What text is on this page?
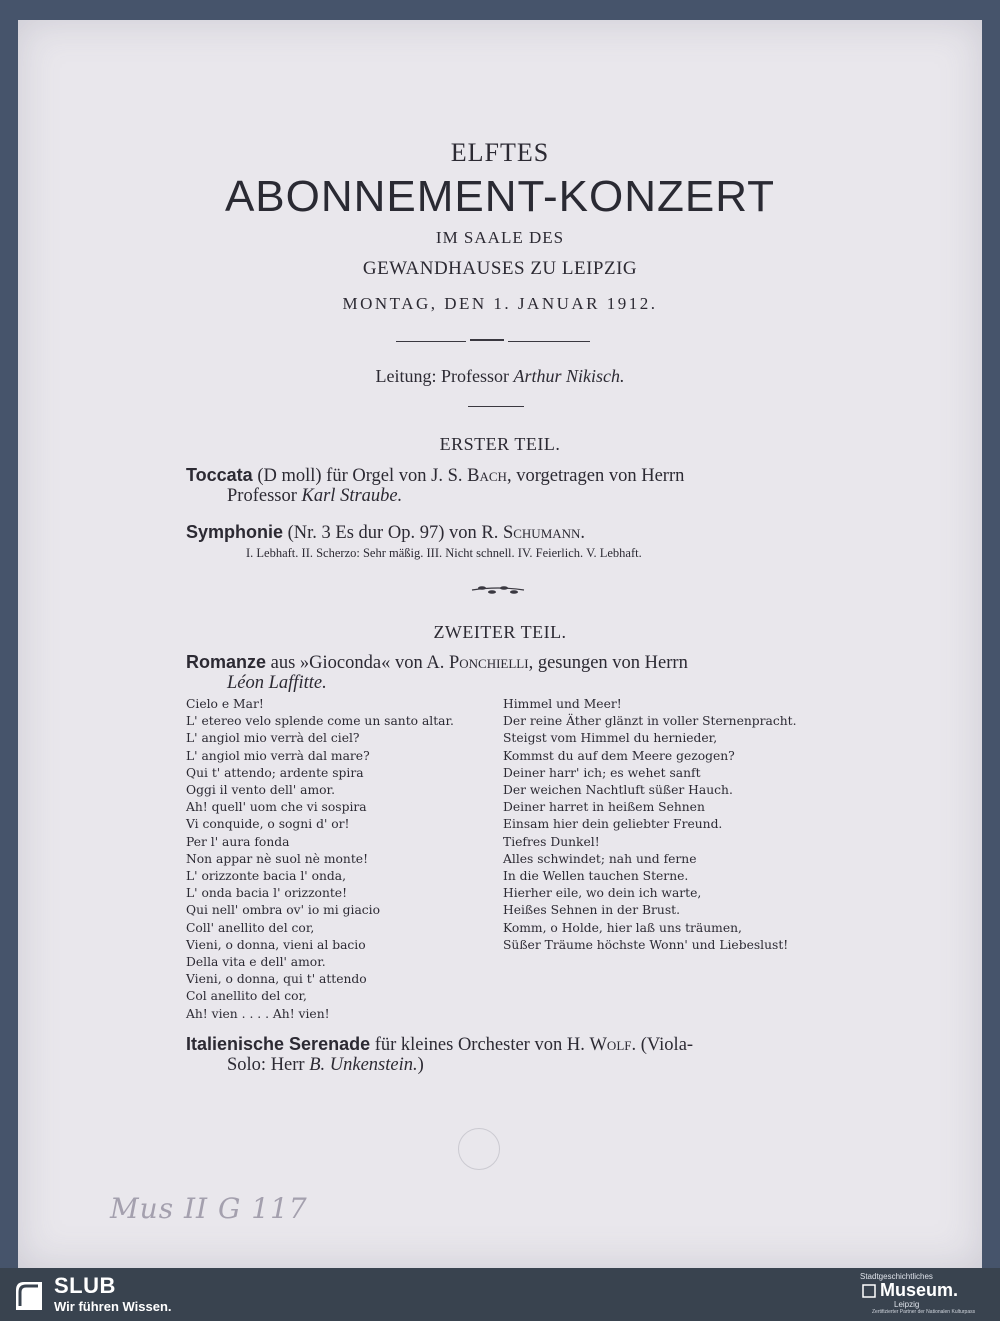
ELFTES
ABONNEMENT-KONZERT
IM SAALE DES
GEWANDHAUSES ZU LEIPZIG
MONTAG, DEN 1. JANUAR 1912.
Leitung: Professor Arthur Nikisch.
ERSTER TEIL.
Toccata (D moll) für Orgel von J. S. Bach, vorgetragen von Herrn
Professor Karl Straube.
Symphonie (Nr. 3 Es dur Op. 97) von R. Schumann.
I. Lebhaft. II. Scherzo: Sehr mäßig. III. Nicht schnell. IV. Feierlich. V. Lebhaft.
ZWEITER TEIL.
Romanze aus »Gioconda« von A. Ponchielli, gesungen von Herrn
Léon Laffitte.
Cielo e Mar!
L' etereo velo splende come un santo altar.
L' angiol mio verrà del ciel?
L' angiol mio verrà dal mare?
Qui t' attendo; ardente spira
Oggi il vento dell' amor.
Ah! quell' uom che vi sospira
Vi conquide, o sogni d' or!
Per l' aura fonda
Non appar nè suol nè monte!
L' orizzonte bacia l' onda,
L' onda bacia l' orizzonte!
Qui nell' ombra ov' io mi giacio
Coll' anellito del cor,
Vieni, o donna, vieni al bacio
Della vita e dell' amor.
Vieni, o donna, qui t' attendo
Col anellito del cor,
Ah! vien . . . . Ah! vien!
Himmel und Meer!
Der reine Äther glänzt in voller Sternenpracht.
Steigst vom Himmel du hernieder,
Kommst du auf dem Meere gezogen?
Deiner harr' ich; es wehet sanft
Der weichen Nachtluft süßer Hauch.
Deiner harret in heißem Sehnen
Einsam hier dein geliebter Freund.
Tiefres Dunkel!
Alles schwindet; nah und ferne
In die Wellen tauchen Sterne.
Hierher eile, wo dein ich warte,
Heißes Sehnen in der Brust.
Komm, o Holde, hier laß uns träumen,
Süßer Träume höchste Wonn' und Liebeslust!
Italienische Serenade für kleines Orchester von H. Wolf. (Viola-
Solo: Herr B. Unkenstein.)
Mus II G 117
SLUB
Wir führen Wissen.
Stadtgeschichtliches
Museum.
Leipzig
Zertifizierter Partner der Nationalen Kulturpass
